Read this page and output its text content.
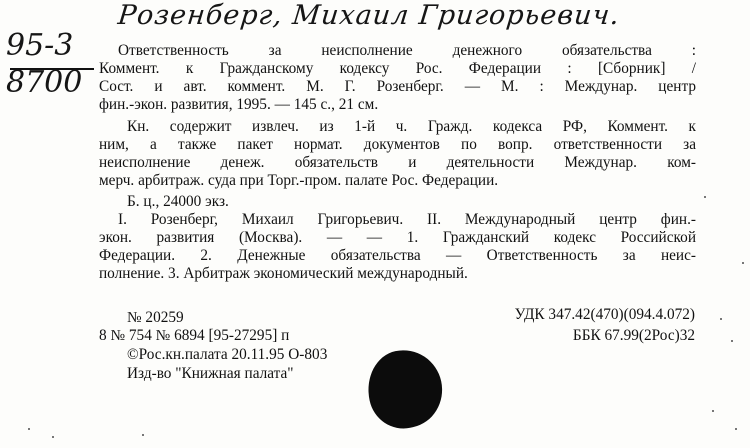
Розенберг, Михаил Григорьевич.
95-3
8700
Ответственность за неисполнение денежного обязательства :
Коммент. к Гражданскому кодексу Рос. Федерации : [Сборник] /
Сост. и авт. коммент. М. Г. Розенберг. — М. : Междунар. центр
фин.-экон. развития, 1995. — 145 с., 21 см.
Кн. содержит извлеч. из 1-й ч. Гражд. кодекса РФ, Коммент. к
ним, а также пакет нормат. документов по вопр. ответственности за
неисполнение денеж. обязательств и деятельности Междунар. ком-
мерч. арбитраж. суда при Торг.-пром. палате Рос. Федерации.
Б. ц., 24000 экз.
I. Розенберг, Михаил Григорьевич. II. Международный центр фин.-
экон. развития (Москва). — — 1. Гражданский кодекс Российской
Федерации. 2. Денежные обязательства — Ответственность за неис-
полнение. 3. Арбитраж экономический международный.
№ 20259
8 № 754 № 6894 [95-27295] п
©Рос.кн.палата 20.11.95 О-803
Изд-во "Книжная палата"
УДК 347.42(470)(094.4.072)
ББК 67.99(2Рос)32
